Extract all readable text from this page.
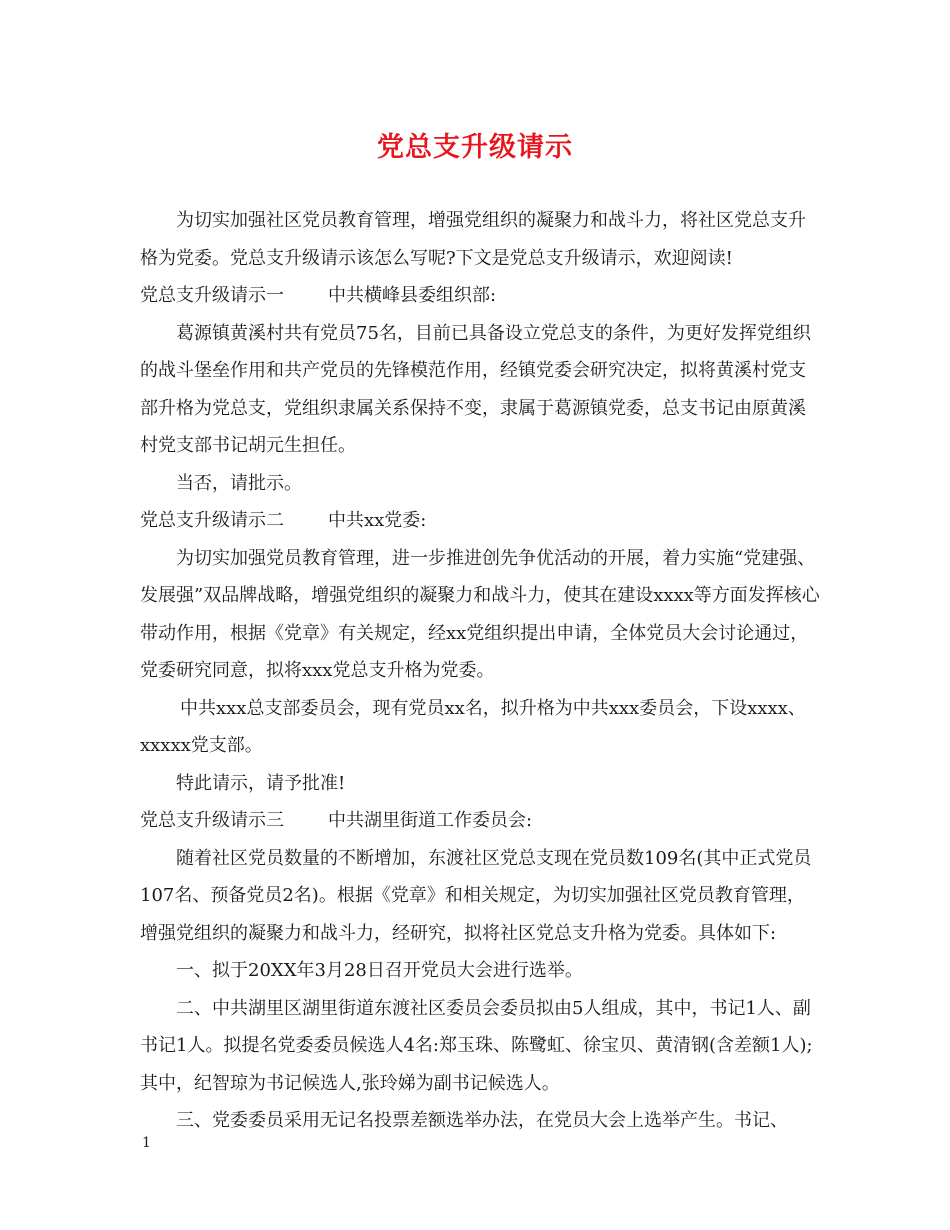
党总支升级请示

为切实加强社区党员教育管理，增强党组织的凝聚力和战斗力，将社区党总支升格为党委。党总支升级请示该怎么写呢?下文是党总支升级请示，欢迎阅读!

党总支升级请示一 中共横峰县委组织部:

葛源镇黄溪村共有党员75名，目前已具备设立党总支的条件，为更好发挥党组织的战斗堡垒作用和共产党员的先锋模范作用，经镇党委会研究决定，拟将黄溪村党支部升格为党总支，党组织隶属关系保持不变，隶属于葛源镇党委，总支书记由原黄溪村党支部书记胡元生担任。

当否，请批示。

党总支升级请示二 中共xx党委:

为切实加强党员教育管理，进一步推进创先争优活动的开展，着力实施“党建强、发展强”双品牌战略，增强党组织的凝聚力和战斗力，使其在建设xxxx等方面发挥核心带动作用，根据《党章》有关规定，经xx党组织提出申请，全体党员大会讨论通过，党委研究同意，拟将xxx党总支升格为党委。

中共xxx总支部委员会，现有党员xx名，拟升格为中共xxx委员会，下设xxxx、xxxxx党支部。

特此请示，请予批准!

党总支升级请示三 中共湖里街道工作委员会:

随着社区党员数量的不断增加，东渡社区党总支现在党员数109名(其中正式党员107名、预备党员2名)。根据《党章》和相关规定，为切实加强社区党员教育管理，增强党组织的凝聚力和战斗力，经研究，拟将社区党总支升格为党委。具体如下:

一、拟于20XX年3月28日召开党员大会进行选举。

二、中共湖里区湖里街道东渡社区委员会委员拟由5人组成，其中，书记1人、副书记1人。拟提名党委委员候选人4名:郑玉珠、陈鹭虹、徐宝贝、黄清钢(含差额1人);其中，纪智琼为书记候选人,张玲娣为副书记候选人。

三、党委委员采用无记名投票差额选举办法，在党员大会上选举产生。书记、

1
